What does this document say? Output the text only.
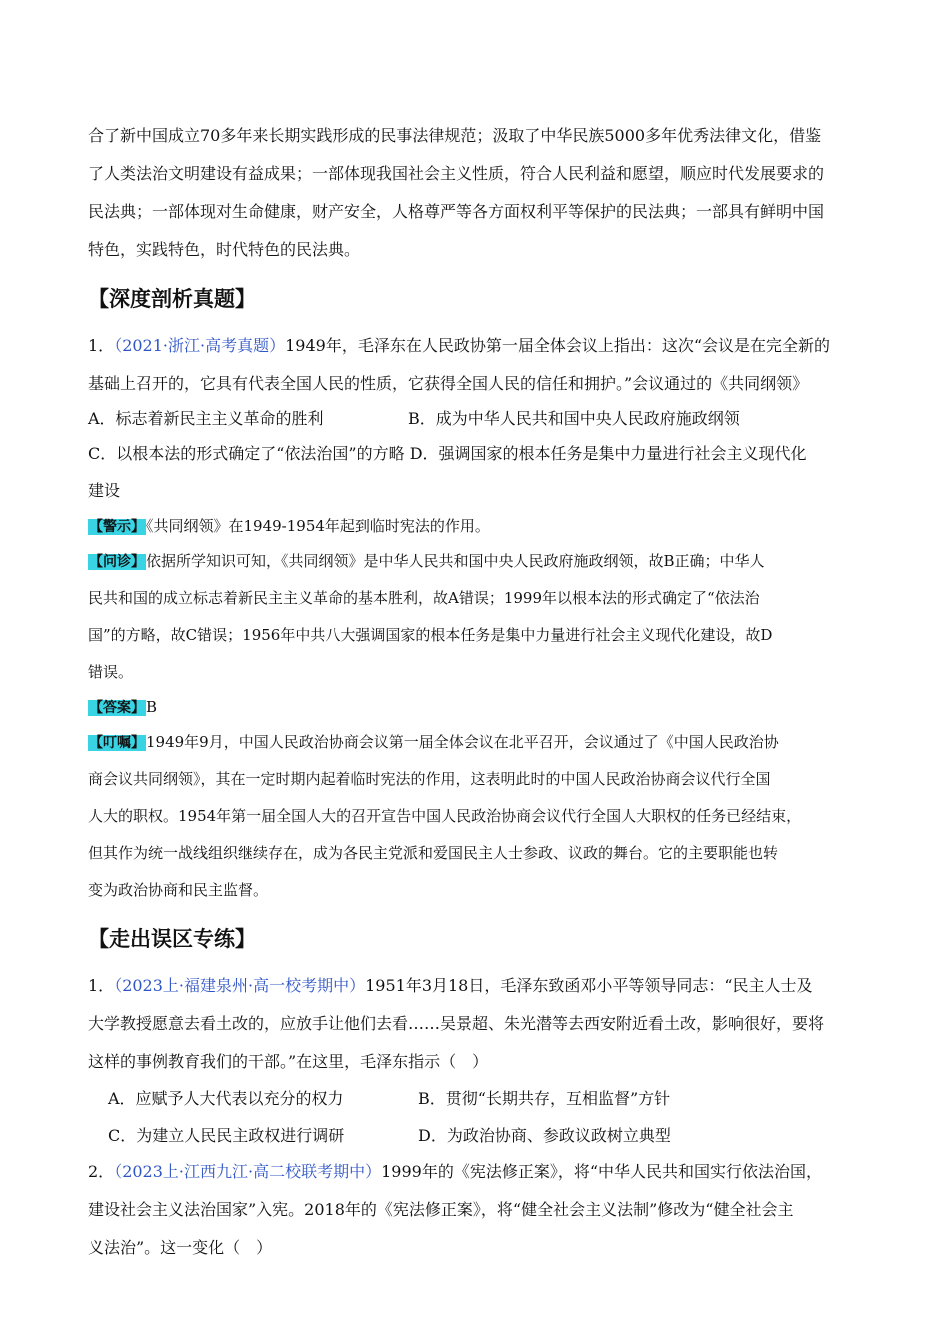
合了新中国成立70多年来长期实践形成的民事法律规范；汲取了中华民族5000多年优秀法律文化，借鉴
了人类法治文明建设有益成果；一部体现我国社会主义性质，符合人民利益和愿望，顺应时代发展要求的
民法典；一部体现对生命健康，财产安全，人格尊严等各方面权利平等保护的民法典；一部具有鲜明中国
特色，实践特色，时代特色的民法典。
【深度剖析真题】
1．（2021·浙江·高考真题）1949年，毛泽东在人民政协第一届全体会议上指出：这次“会议是在完全新的
基础上召开的，它具有代表全国人民的性质，它获得全国人民的信任和拥护。”会议通过的《共同纲领》
A．标志着新民主主义革命的胜利	B．成为中华人民共和国中央人民政府施政纲领
C．以根本法的形式确定了“依法治国”的方略 D．强调国家的根本任务是集中力量进行社会主义现代化
建设
【警示】《共同纲领》在1949-1954年起到临时宪法的作用。
【问诊】依据所学知识可知，《共同纲领》是中华人民共和国中央人民政府施政纲领，故B正确；中华人
民共和国的成立标志着新民主主义革命的基本胜利，故A错误；1999年以根本法的形式确定了“依法治
国”的方略，故C错误；1956年中共八大强调国家的根本任务是集中力量进行社会主义现代化建设，故D
错误。
【答案】B
【叮嘱】1949年9月，中国人民政治协商会议第一届全体会议在北平召开，会议通过了《中国人民政治协
商会议共同纲领》，其在一定时期内起着临时宪法的作用，这表明此时的中国人民政治协商会议代行全国
人大的职权。1954年第一届全国人大的召开宣告中国人民政治协商会议代行全国人大职权的任务已经结束，
但其作为统一战线组织继续存在，成为各民主党派和爱国民主人士参政、议政的舞台。它的主要职能也转
变为政治协商和民主监督。
【走出误区专练】
1．（2023上·福建泉州·高一校考期中）1951年3月18日，毛泽东致函邓小平等领导同志：“民主人士及
大学教授愿意去看土改的，应放手让他们去看……吴景超、朱光潜等去西安附近看土改，影响很好，要将
这样的事例教育我们的干部。”在这里，毛泽东指示（　）
A．应赋予人大代表以充分的权力	B．贯彻“长期共存，互相监督”方针
C．为建立人民民主政权进行调研	D．为政治协商、参政议政树立典型
2．（2023上·江西九江·高二校联考期中）1999年的《宪法修正案》，将“中华人民共和国实行依法治国，
建设社会主义法治国家”入宪。2018年的《宪法修正案》，将“健全社会主义法制”修改为“健全社会主
义法治”。这一变化（　）
